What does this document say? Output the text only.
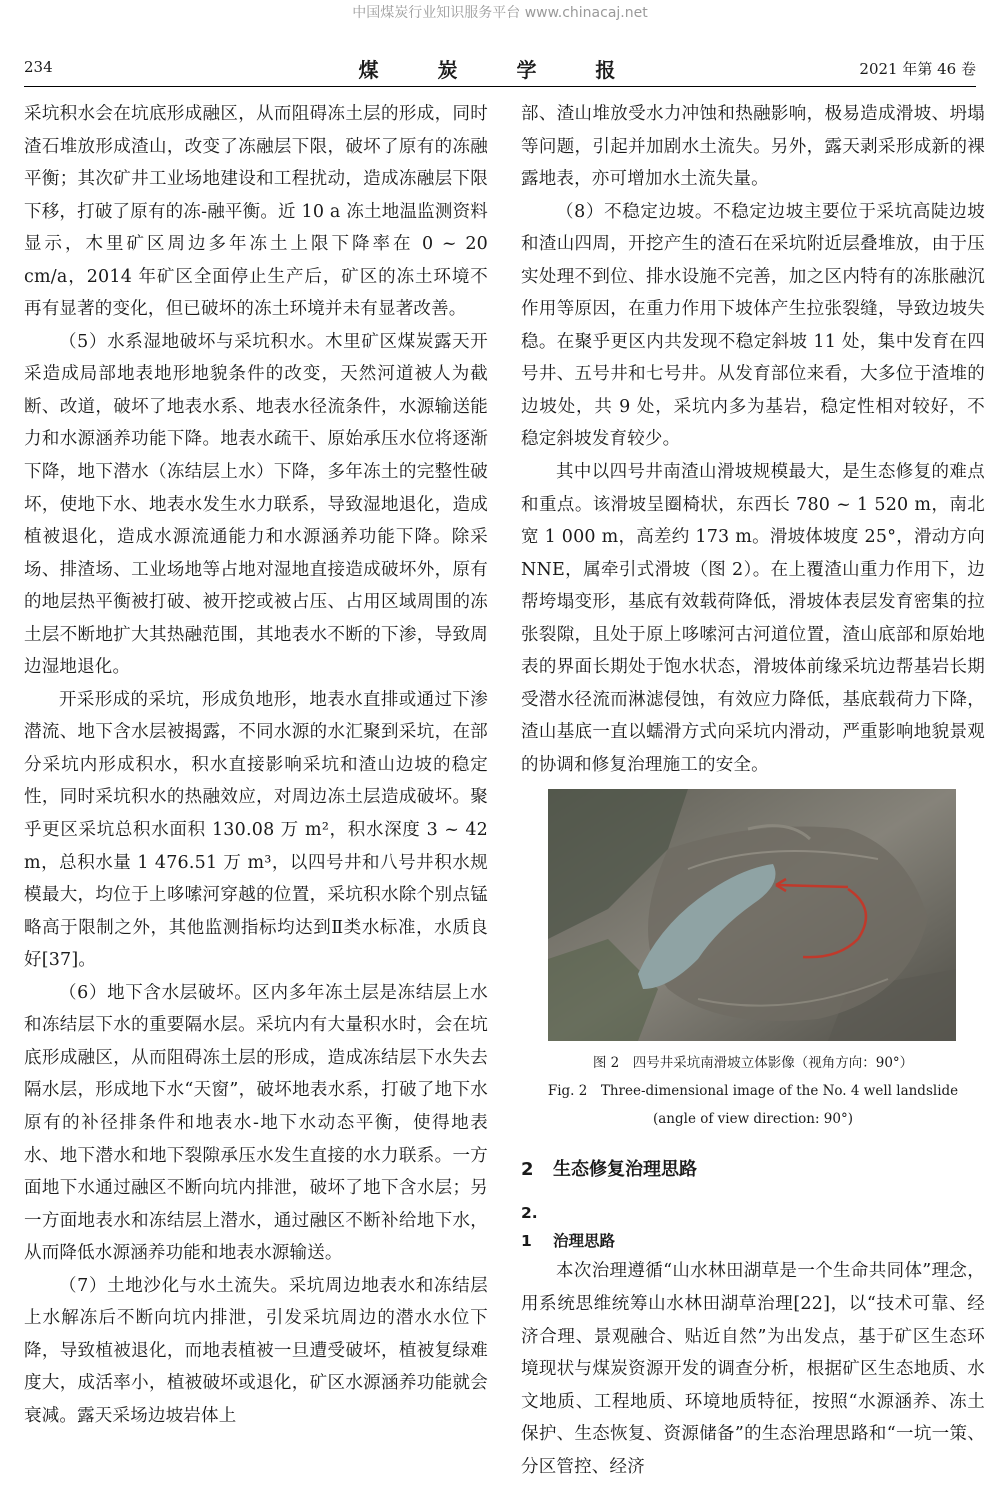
中国煤炭行业知识服务平台 www.chinacaj.net
234	煤 炭 学 报	2021 年第 46 卷

采坑积水会在坑底形成融区，从而阻碍冻土层的形成，同时渣石堆放形成渣山，改变了冻融层下限，破坏了原有的冻融平衡；其次矿井工业场地建设和工程扰动，造成冻融层下限下移，打破了原有的冻-融平衡。近 10 a 冻土地温监测资料显示，木里矿区周边多年冻土上限下降率在 0 ~ 20 cm/a，2014 年矿区全面停止生产后，矿区的冻土环境不再有显著的变化，但已破坏的冻土环境并未有显著改善。

（5）水系湿地破坏与采坑积水。木里矿区煤炭露天开采造成局部地表地形地貌条件的改变，天然河道被人为截断、改道，破坏了地表水系、地表水径流条件，水源输送能力和水源涵养功能下降。地表水疏干、原始承压水位将逐渐下降，地下潜水（冻结层上水）下降，多年冻土的完整性破坏，使地下水、地表水发生水力联系，导致湿地退化，造成植被退化，造成水源流通能力和水源涵养功能下降。除采场、排渣场、工业场地等占地对湿地直接造成破坏外，原有的地层热平衡被打破、被开挖或被占压、占用区域周围的冻土层不断地扩大其热融范围，其地表水不断的下渗，导致周边湿地退化。

开采形成的采坑，形成负地形，地表水直排或通过下渗潜流、地下含水层被揭露，不同水源的水汇聚到采坑，在部分采坑内形成积水，积水直接影响采坑和渣山边坡的稳定性，同时采坑积水的热融效应，对周边冻土层造成破坏。聚乎更区采坑总积水面积 130.08 万 m²，积水深度 3 ~ 42 m，总积水量 1 476.51 万 m³，以四号井和八号井积水规模最大，均位于上哆嗦河穿越的位置，采坑积水除个别点锰略高于限制之外，其他监测指标均达到Ⅱ类水标准，水质良好[37]。

（6）地下含水层破坏。区内多年冻土层是冻结层上水和冻结层下水的重要隔水层。采坑内有大量积水时，会在坑底形成融区，从而阻碍冻土层的形成，造成冻结层下水失去隔水层，形成地下水“天窗”，破坏地表水系，打破了地下水原有的补径排条件和地表水-地下水动态平衡，使得地表水、地下潜水和地下裂隙承压水发生直接的水力联系。一方面地下水通过融区不断向坑内排泄，破坏了地下含水层；另一方面地表水和冻结层上潜水，通过融区不断补给地下水，从而降低水源涵养功能和地表水源输送。

（7）土地沙化与水土流失。采坑周边地表水和冻结层上水解冻后不断向坑内排泄，引发采坑周边的潜水水位下降，导致植被退化，而地表植被一旦遭受破坏，植被复绿难度大，成活率小，植被破坏或退化，矿区水源涵养功能就会衰减。露天采场边坡岩体上

部、渣山堆放受水力冲蚀和热融影响，极易造成滑坡、坍塌等问题，引起并加剧水土流失。另外，露天剥采形成新的裸露地表，亦可增加水土流失量。

（8）不稳定边坡。不稳定边坡主要位于采坑高陡边坡和渣山四周，开挖产生的渣石在采坑附近层叠堆放，由于压实处理不到位、排水设施不完善，加之区内特有的冻胀融沉作用等原因，在重力作用下坡体产生拉张裂缝，导致边坡失稳。在聚乎更区内共发现不稳定斜坡 11 处，集中发育在四号井、五号井和七号井。从发育部位来看，大多位于渣堆的边坡处，共 9 处，采坑内多为基岩，稳定性相对较好，不稳定斜坡发育较少。

其中以四号井南渣山滑坡规模最大，是生态修复的难点和重点。该滑坡呈圈椅状，东西长 780 ~ 1 520 m，南北宽 1 000 m，高差约 173 m。滑坡体坡度 25°，滑动方向 NNE，属牵引式滑坡（图 2）。在上覆渣山重力作用下，边帮垮塌变形，基底有效载荷降低，滑坡体表层发育密集的拉张裂隙，且处于原上哆嗦河古河道位置，渣山底部和原始地表的界面长期处于饱水状态，滑坡体前缘采坑边帮基岩长期受潜水径流而淋滤侵蚀，有效应力降低，基底载荷力下降，渣山基底一直以蠕滑方式向采坑内滑动，严重影响地貌景观的协调和修复治理施工的安全。

图 2　四号井采坑南滑坡立体影像（视角方向：90°）
Fig. 2　Three-dimensional image of the No. 4 well landslide
(angle of view direction: 90°)
2 生态修复治理思路
2. 1 治理思路

本次治理遵循“山水林田湖草是一个生命共同体”理念，用系统思维统筹山水林田湖草治理[22]，以“技术可靠、经济合理、景观融合、贴近自然”为出发点，基于矿区生态环境现状与煤炭资源开发的调查分析，根据矿区生态地质、水文地质、工程地质、环境地质特征，按照“水源涵养、冻土保护、生态恢复、资源储备”的生态治理思路和“一坑一策、分区管控、经济
